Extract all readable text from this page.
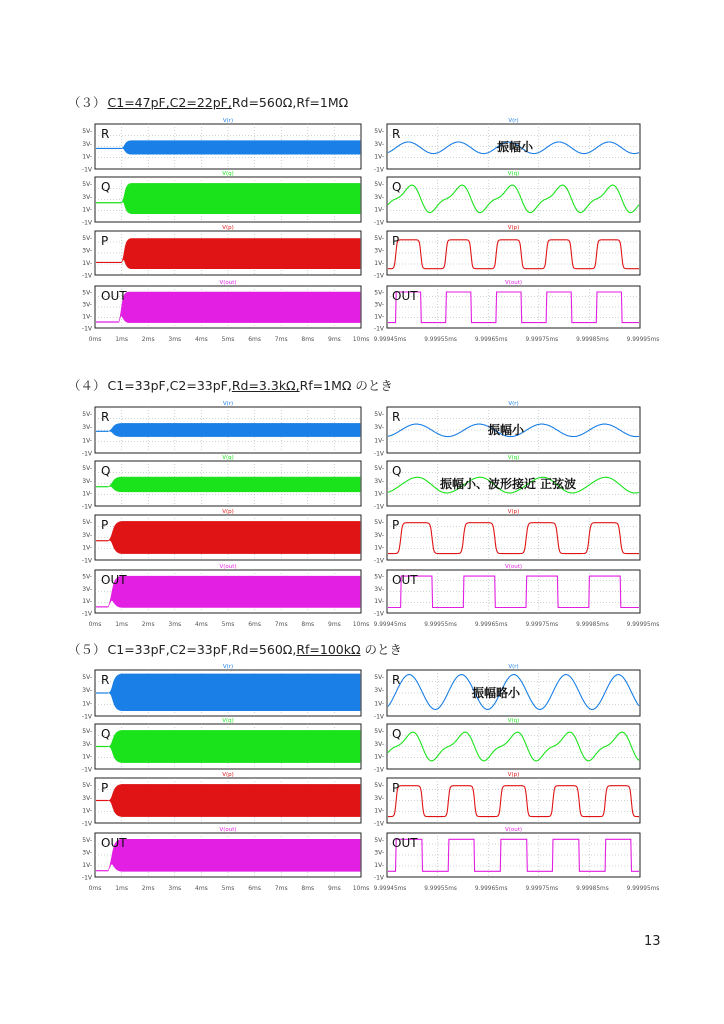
（３） C1=47pF,C2=22pF,Rd=560Ω,Rf=1MΩ
（４） C1=33pF,C2=33pF,Rd=3.3kΩ,Rf=1MΩ のとき
（５） C1=33pF,C2=33pF,Rd=560Ω,Rf=100kΩ のとき
5V-
3V-
1V-
-1V
V(r)
R	5V-
3V-
1V-
-1V
V(r)
R
振幅小
5V-
3V-
1V-
-1V
V(q)
Q	5V-
3V-
1V-
-1V
V(q)
Q
5V-
3V-
1V-
-1V
V(p)
P	5V-
3V-
1V-
-1V
V(p)
P
5V-
3V-
1V-
-1V
V(out)
OUT	5V-
3V-
1V-
-1V
V(out)
OUT
0ms 1ms 2ms 3ms 4ms 5ms 6ms 7ms 8ms 9ms 10ms 9.99945ms	9.99955ms	9.99965ms	9.99975ms	9.99985ms	9.99995ms
5V-
3V-
1V-
-1V
V(r)
R	5V-
3V-
1V-
-1V
V(r)
R
振幅小
5V-
3V-
1V-
-1V
V(q)
Q	5V-
3V-
1V-
-1V
V(q)
Q
振幅小、波形接近 正弦波
5V-
3V-
1V-
-1V
V(p)
P	5V-
3V-
1V-
-1V
V(p)
P
5V-
3V-
1V-
-1V
V(out)
OUT	5V-
3V-
1V-
-1V
V(out)
OUT
0ms 1ms 2ms 3ms 4ms 5ms 6ms 7ms 8ms 9ms 10ms 9.99945ms	9.99955ms	9.99965ms	9.99975ms	9.99985ms	9.99995ms
5V-
3V-
1V-
-1V
V(r)
R	5V-
3V-
1V-
-1V
V(r)
R
振幅略小
5V-
3V-
1V-
-1V
V(q)
Q	5V-
3V-
1V-
-1V
V(q)
Q
5V-
3V-
1V-
-1V
V(p)
P	5V-
3V-
1V-
-1V
V(p)
P
5V-
3V-
1V-
-1V
V(out)
OUT	5V-
3V-
1V-
-1V
V(out)
OUT
0ms 1ms 2ms 3ms 4ms 5ms 6ms 7ms 8ms 9ms 10ms 9.99945ms	9.99955ms	9.99965ms	9.99975ms	9.99985ms	9.99995ms
13
